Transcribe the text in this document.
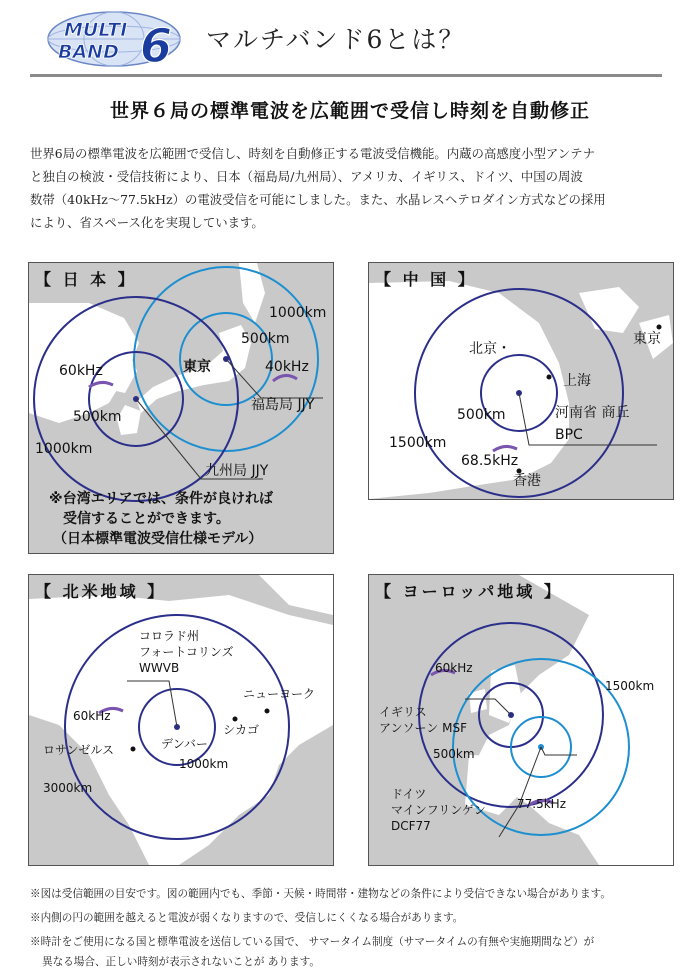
MULTI
BAND 6 マルチバンド6とは？
世界６局の標準電波を広範囲で受信し時刻を自動修正
世界6局の標準電波を広範囲で受信し、時刻を自動修正する電波受信機能。内蔵の高感度小型アンテナ
と独自の検波・受信技術により、日本（福島局/九州局）、アメリカ、イギリス、ドイツ、中国の周波
数帯（40kHz～77.5kHz）の電波受信を可能にしました。また、水晶レスヘテロダイン方式などの採用
により、省スペース化を実現しています。
【 日 本 】
1000km
500km
40kHz
東京
福島局 JJY
60kHz
500km
1000km
九州局 JJY
※台湾エリアでは、条件が良ければ
受信することができます。
（日本標準電波受信仕様モデル）
【 中 国 】
東京
北京・
上海
500km	河南省 商丘
BPC
1500km
68.5kHz
香港
【 北米地域 】
コロラド州
フォートコリンズ
WWVB
ニューヨーク
60kHz
シカゴ
デンバー
ロサンゼルス
1000km
3000km
【 ヨーロッパ地域 】
60kHz
1500km
イギリス
アンソーン MSF
500km
ドイツ
マインフリンゲン
DCF77
77.5kHz
※図は受信範囲の目安です。図の範囲内でも、季節・天候・時間帯・建物などの条件により受信できない場合があります。
※内側の円の範囲を越えると電波が弱くなりますので、受信しにくくなる場合があります。
※時計をご使用になる国と標準電波を送信している国で、 サマータイム制度（サマータイムの有無や実施期間など）が
異なる場合、正しい時刻が表示されないことが あります。
